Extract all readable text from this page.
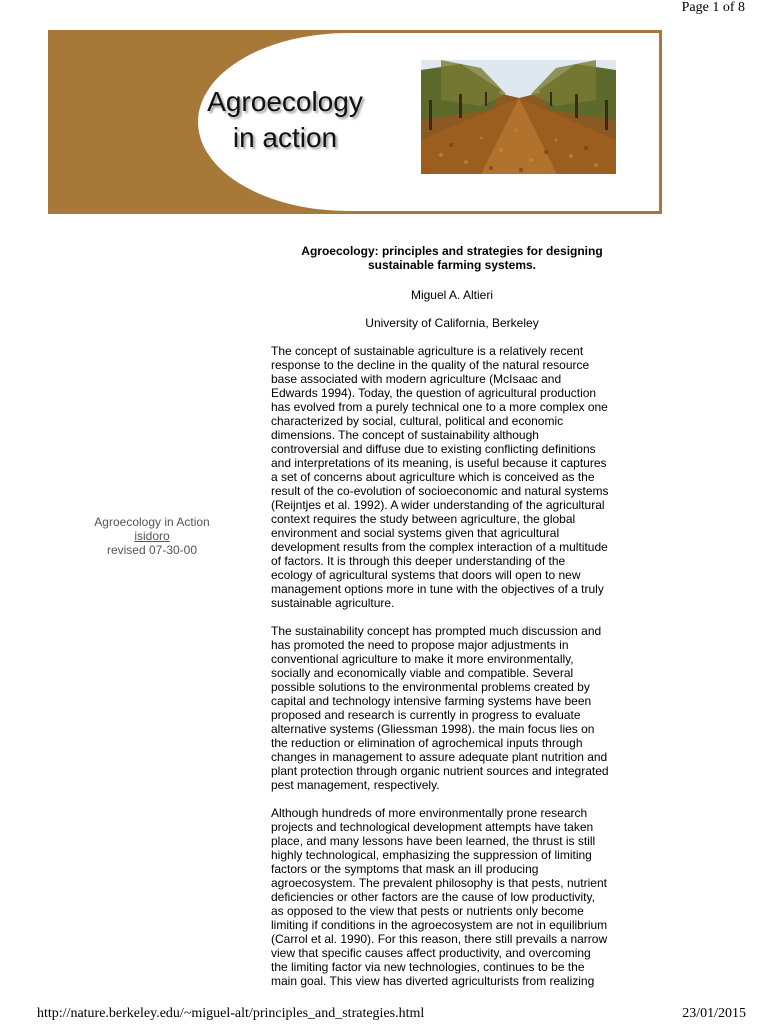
Page 1 of 8
Agroecology
in action
Agroecology in Action
isidoro
revised 07-30-00
Agroecology: principles and strategies for designing
sustainable farming systems.
Miguel A. Altieri
University of California, Berkeley

The concept of sustainable agriculture is a relatively recent
response to the decline in the quality of the natural resource
base associated with modern agriculture (McIsaac and
Edwards 1994). Today, the question of agricultural production
has evolved from a purely technical one to a more complex one
characterized by social, cultural, political and economic
dimensions. The concept of sustainability although
controversial and diffuse due to existing conflicting definitions
and interpretations of its meaning, is useful because it captures
a set of concerns about agriculture which is conceived as the
result of the co-evolution of socioeconomic and natural systems
(Reijntjes et al. 1992). A wider understanding of the agricultural
context requires the study between agriculture, the global
environment and social systems given that agricultural
development results from the complex interaction of a multitude
of factors. It is through this deeper understanding of the
ecology of agricultural systems that doors will open to new
management options more in tune with the objectives of a truly
sustainable agriculture.

The sustainability concept has prompted much discussion and
has promoted the need to propose major adjustments in
conventional agriculture to make it more environmentally,
socially and economically viable and compatible. Several
possible solutions to the environmental problems created by
capital and technology intensive farming systems have been
proposed and research is currently in progress to evaluate
alternative systems (Gliessman 1998). the main focus lies on
the reduction or elimination of agrochemical inputs through
changes in management to assure adequate plant nutrition and
plant protection through organic nutrient sources and integrated
pest management, respectively.

Although hundreds of more environmentally prone research
projects and technological development attempts have taken
place, and many lessons have been learned, the thrust is still
highly technological, emphasizing the suppression of limiting
factors or the symptoms that mask an ill producing
agroecosystem. The prevalent philosophy is that pests, nutrient
deficiencies or other factors are the cause of low productivity,
as opposed to the view that pests or nutrients only become
limiting if conditions in the agroecosystem are not in equilibrium
(Carrol et al. 1990). For this reason, there still prevails a narrow
view that specific causes affect productivity, and overcoming
the limiting factor via new technologies, continues to be the
main goal. This view has diverted agriculturists from realizing

http://nature.berkeley.edu/~miguel-alt/principles_and_strategies.html	23/01/2015
